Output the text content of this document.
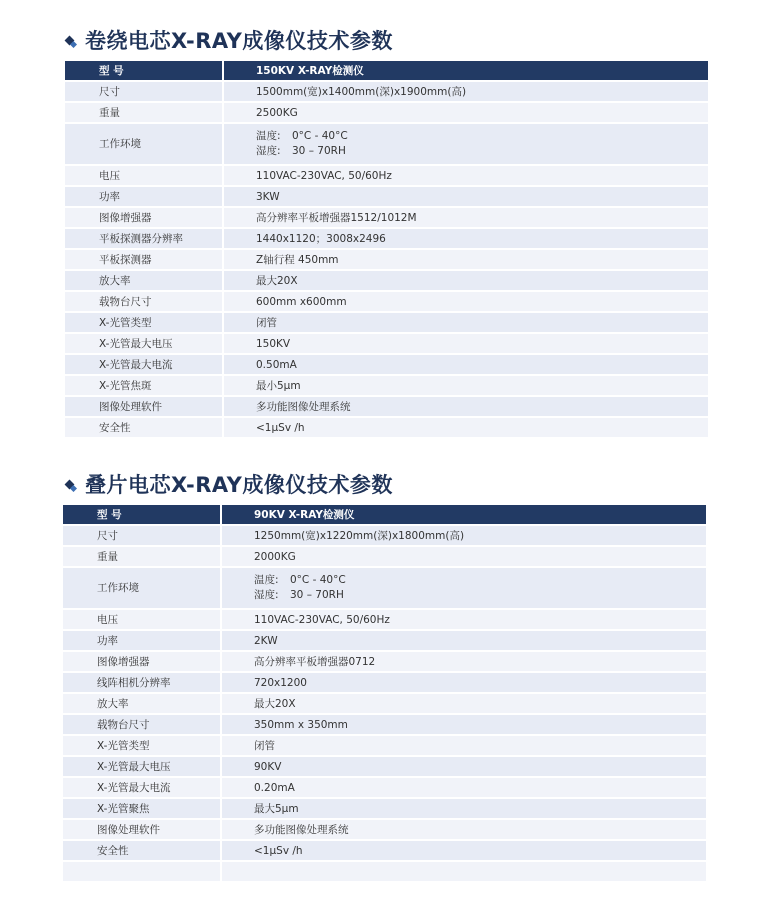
卷绕电芯X-RAY成像仪技术参数
型 号	150KV X-RAY检测仪
尺寸	1500mm(宽)x1400mm(深)x1900mm(高)
重量	2500KG
工作环境	温度: 0°C - 40°C
湿度: 30 – 70RH

电压	110VAC-230VAC, 50/60Hz
功率	3KW
图像增强器	高分辨率平板增强器1512/1012M
平板探测器分辨率	1440x1120；3008x2496
平板探测器	Z轴行程 450mm
放大率	最大20X
载物台尺寸	600mm x600mm
X-光管类型	闭管
X-光管最大电压	150KV
X-光管最大电流	0.50mA
X-光管焦斑	最小5μm
图像处理软件	多功能图像处理系统
安全性	<1μSv /h
叠片电芯X-RAY成像仪技术参数
型 号	90KV X-RAY检测仪
尺寸	1250mm(宽)x1220mm(深)x1800mm(高)
重量	2000KG
工作环境	温度: 0°C - 40°C
湿度: 30 – 70RH

电压	110VAC-230VAC, 50/60Hz
功率	2KW
图像增强器	高分辨率平板增强器0712
线阵相机分辨率	720x1200
放大率	最大20X
载物台尺寸	350mm x 350mm
X-光管类型	闭管
X-光管最大电压	90KV
X-光管最大电流	0.20mA
X-光管聚焦	最大5μm
图像处理软件	多功能图像处理系统
安全性	<1μSv /h
